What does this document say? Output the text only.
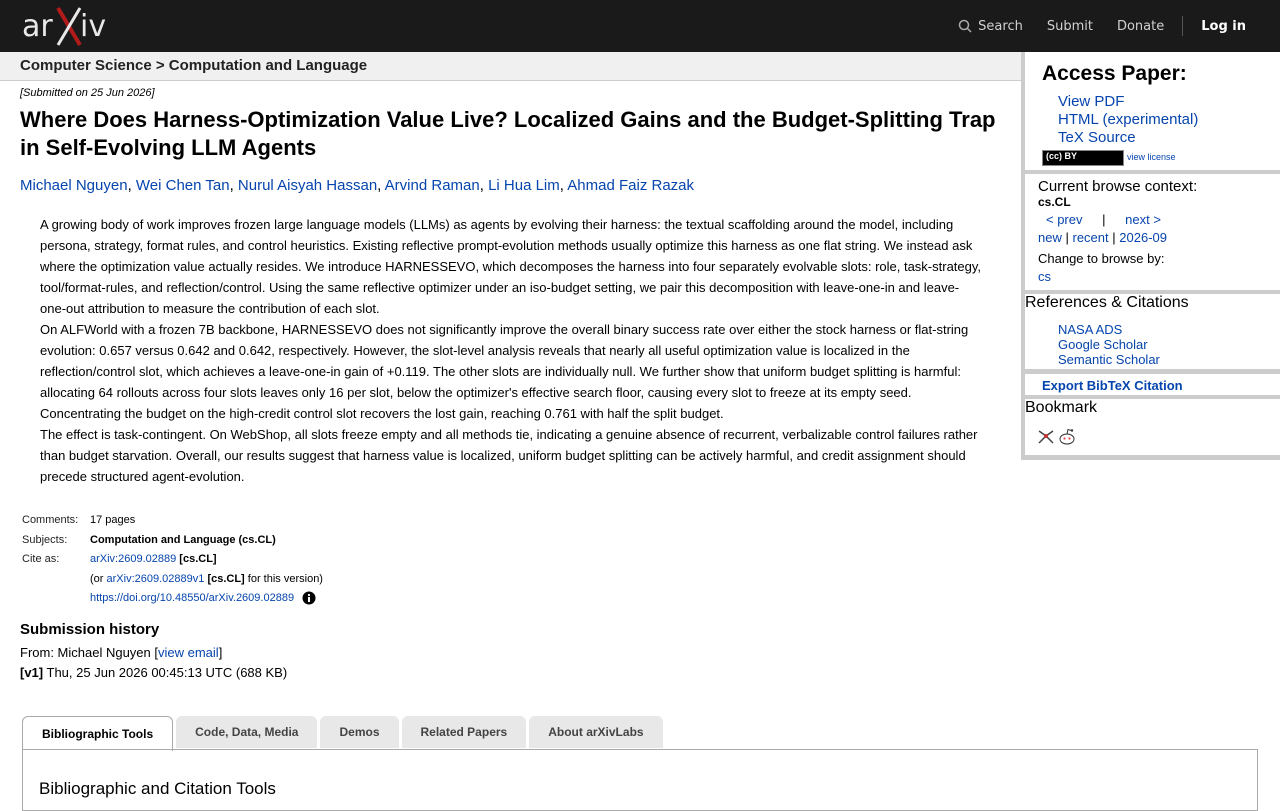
ar iv	Search Submit Donate	Log in
Computer Science > Computation and Language
[Submitted on 25 Jun 2026]
Where Does Harness-Optimization Value Live? Localized Gains and the Budget-Splitting Trap in Self-Evolving LLM Agents
Michael Nguyen, Wei Chen Tan, Nurul Aisyah Hassan, Arvind Raman, Li Hua Lim, Ahmad Faiz Razak

A growing body of work improves frozen large language models (LLMs) as agents by evolving their harness: the textual scaffolding around the model, including persona, strategy, format rules, and control heuristics. Existing reflective prompt-evolution methods usually optimize this harness as one flat string. We instead ask where the optimization value actually resides. We introduce HARNESSEVO, which decomposes the harness into four separately evolvable slots: role, task-strategy, tool/format-rules, and reflection/control. Using the same reflective optimizer under an iso-budget setting, we pair this decomposition with leave-one-in and leave-one-out attribution to measure the contribution of each slot.

On ALFWorld with a frozen 7B backbone, HARNESSEVO does not significantly improve the overall binary success rate over either the stock harness or flat-string evolution: 0.657 versus 0.642 and 0.642, respectively. However, the slot-level analysis reveals that nearly all useful optimization value is localized in the reflection/control slot, which achieves a leave-one-in gain of +0.119. The other slots are individually null. We further show that uniform budget splitting is harmful: allocating 64 rollouts across four slots leaves only 16 per slot, below the optimizer's effective search floor, causing every slot to freeze at its empty seed. Concentrating the budget on the high-credit control slot recovers the lost gain, reaching 0.761 with half the split budget.

The effect is task-contingent. On WebShop, all slots freeze empty and all methods tie, indicating a genuine absence of recurrent, verbalizable control failures rather than budget starvation. Overall, our results suggest that harness value is localized, uniform budget splitting can be actively harmful, and credit assignment should precede structured agent-evolution.

Comments:	17 pages
Subjects:	Computation and Language (cs.CL)
Cite as:	arXiv:2609.02889 [cs.CL]
	(or arXiv:2609.02889v1 [cs.CL] for this version)
	https://doi.org/10.48550/arXiv.2609.02889
Submission history
From: Michael Nguyen [view email]
[v1] Thu, 25 Jun 2026 00:45:13 UTC (688 KB)
Bibliographic Tools	Code, Data, Media	Demos	Related Papers	About arXivLabs
Bibliographic and Citation Tools
Access Paper:
View PDF
HTML (experimental)
TeX Source
(cc) BY	view license
Current browse context:
cs.CL
< prev | next >
new | recent | 2026-09
Change to browse by:
cs
References & Citations
NASA ADS
Google Scholar
Semantic Scholar
Export BibTeX Citation
Bookmark
